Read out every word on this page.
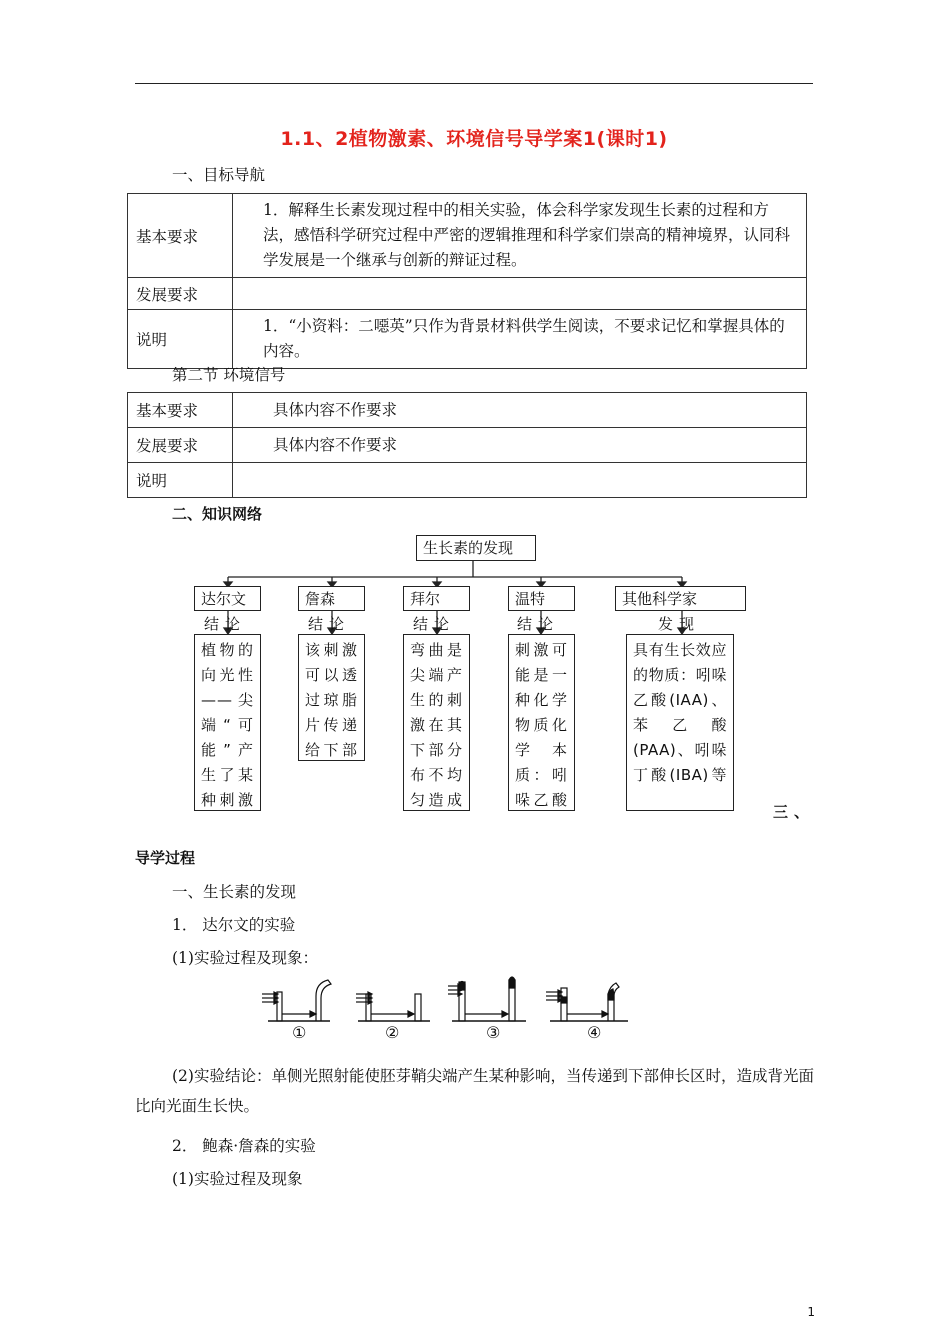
1.1、2植物激素、环境信号导学案1(课时1)
一、目标导航
基本要求	1．解释生长素发现过程中的相关实验，体会科学家发现生长素的过程和方法，感悟科学研究过程中严密的逻辑推理和科学家们崇高的精神境界，认同科学发展是一个继承与创新的辩证过程。
发展要求	
说明	1．“小资料：二噁英”只作为背景材料供学生阅读，不要求记忆和掌握具体的内容。
第二节 环境信号
基本要求	具体内容不作要求
发展要求	具体内容不作要求
说明	
二、知识网络
生长素的发现
达尔文	詹森	拜尔	温特	其他科学家
结论	结论	结论	结论	发现
植物的向光性——尖端“可能”产生了某种刺激
该刺激可以透过琼脂片传递给下部
弯曲是尖端产生的刺激在其下部分布不均匀造成
刺激可能是一种化学物质化学本质：吲哚乙酸
具有生长效应的物质：吲哚乙酸(IAA)、苯乙酸(PAA)、吲哚丁酸(IBA)等
三、
导学过程
一、生长素的发现
1． 达尔文的实验
(1)实验过程及现象：
①	②	③	④
(2)实验结论：单侧光照射能使胚芽鞘尖端产生某种影响，当传递到下部伸长区时，造成背光面比向光面生长快。
2． 鲍森·詹森的实验
(1)实验过程及现象
1
